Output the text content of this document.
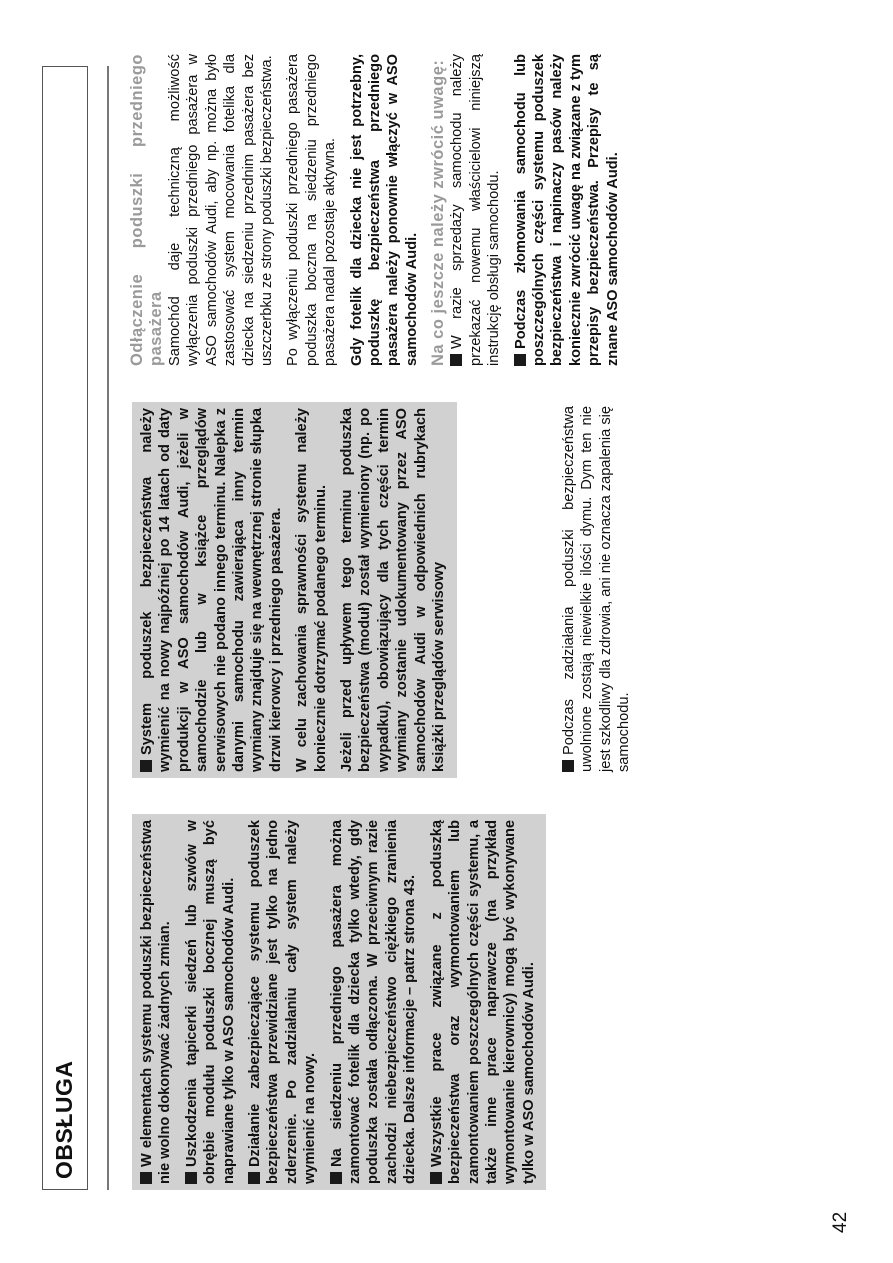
OBSŁUGA	W elementach systemu poduszki bezpieczeństwa nie wolno dokonywać żadnych zmian. Uszkodzenia tapicerki siedzeń lub szwów w obrębie modułu poduszki bocznej muszą być naprawiane tylko w ASO samochodów Audi. Działanie zabezpieczające systemu poduszek bezpieczeństwa przewidziane jest tylko na jedno zderzenie. Po zadziałaniu cały system należy wymienić na nowy. Na siedzeniu przedniego pasażera można zamontować fotelik dla dziecka tylko wtedy, gdy poduszka została odłączona. W przeciwnym razie zachodzi niebezpieczeństwo ciężkiego zranienia dziecka. Dalsze informacje – patrz strona 43. Wszystkie prace związane z poduszką bezpieczeństwa oraz wymontowaniem lub zamontowaniem poszczególnych części systemu, a także inne prace naprawcze (na przykład wymontowanie kierownicy) mogą być wykonywane tylko w ASO samochodów Audi.

System poduszek bezpieczeństwa należy wymienić na nowy najpóźniej po 14 latach od daty produkcji w ASO samochodów Audi, jeżeli w samochodzie lub w książce przeglądów serwisowych nie podano innego terminu. Nalepka z danymi samochodu zawierająca inny termin wymiany znajduje się na wewnętrznej stronie słupka drzwi kierowcy i przedniego pasażera. W celu zachowania sprawności systemu należy koniecznie dotrzymać podanego terminu. Jeżeli przed upływem tego terminu poduszka bezpieczeństwa (moduł) został wymieniony (np. po wypadku), obowiązujący dla tych części termin wymiany zostanie udokumentowany przez ASO samochodów Audi w odpowiednich rubrykach książki przeglądów serwisowy	Podczas zadziałania poduszki bezpieczeństwa uwolnione zostają niewielkie ilości dymu. Dym ten nie jest szkodliwy dla zdrowia, ani nie oznacza zapalenia się samochodu.

Odłączenie poduszki przedniego pasażera Samochód daje techniczną możliwość wyłączenia poduszki przedniego pasażera w ASO samochodów Audi, aby np. można było zastosować system mocowania fotelika dla dziecka na siedzeniu przednim pasażera bez uszczerbku ze strony poduszki bezpieczeństwa. Po wyłączeniu poduszki przedniego pasażera poduszka boczna na siedzeniu przedniego pasażera nadal pozostaje aktywna. Gdy fotelik dla dziecka nie jest potrzebny, poduszkę bezpieczeństwa przedniego pasażera należy ponownie włączyć w ASO samochodów Audi. Na co jeszcze należy zwrócić uwagę: W razie sprzedaży samochodu należy przekazać nowemu właścicielowi niniejszą instrukcję obsługi samochodu. Podczas złomowania samochodu lub poszczególnych części systemu poduszek bezpieczeństwa i napinaczy pasów należy koniecznie zwrócić uwagę na związane z tym przepisy bezpieczeństwa. Przepisy te są znane ASO samochodów Audi.

42
